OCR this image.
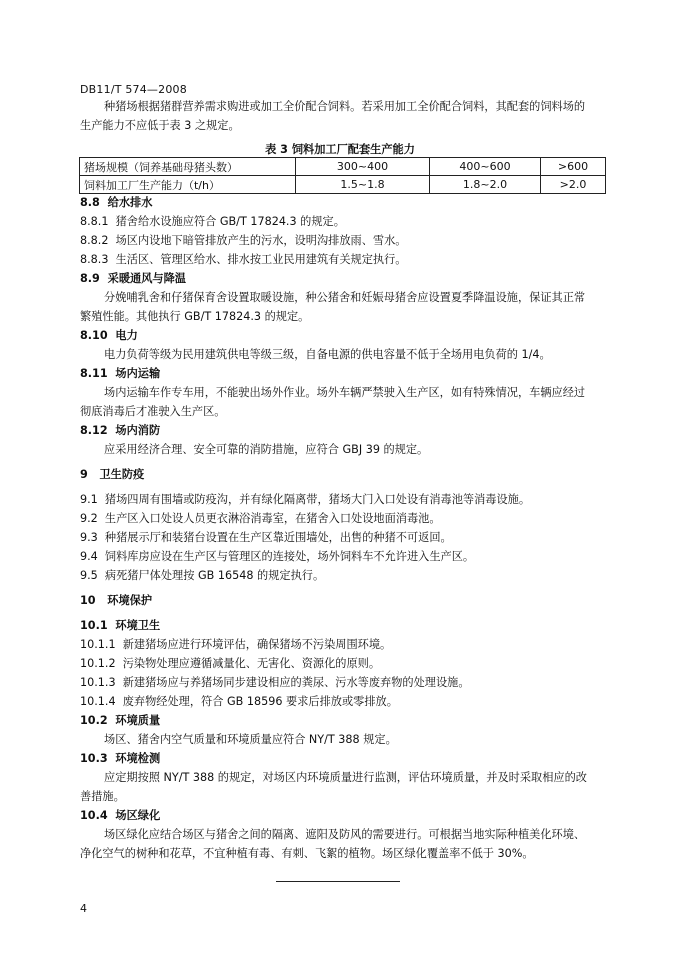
DB11/T 574—2008
种猪场根据猪群营养需求购进或加工全价配合饲料。若采用加工全价配合饲料，其配套的饲料场的
生产能力不应低于表 3 之规定。
表 3 饲料加工厂配套生产能力
猪场规模（饲养基础母猪头数）	300~400	400~600	>600
饲料加工厂生产能力（t/h）	1.5~1.8	1.8~2.0	>2.0
8.8 给水排水
8.8.1 猪舍给水设施应符合 GB/T 17824.3 的规定。
8.8.2 场区内设地下暗管排放产生的污水，设明沟排放雨、雪水。
8.8.3 生活区、管理区给水、排水按工业民用建筑有关规定执行。
8.9 采暖通风与降温
分娩哺乳舍和仔猪保育舍设置取暖设施，种公猪舍和妊娠母猪舍应设置夏季降温设施，保证其正常
繁殖性能。其他执行 GB/T 17824.3 的规定。
8.10 电力
电力负荷等级为民用建筑供电等级三级，自备电源的供电容量不低于全场用电负荷的 1/4。
8.11 场内运输
场内运输车作专车用，不能驶出场外作业。场外车辆严禁驶入生产区，如有特殊情况，车辆应经过
彻底消毒后才准驶入生产区。
8.12 场内消防
应采用经济合理、安全可靠的消防措施，应符合 GBJ 39 的规定。
9 卫生防疫
9.1 猪场四周有围墙或防疫沟，并有绿化隔离带，猪场大门入口处设有消毒池等消毒设施。
9.2 生产区入口处设人员更衣淋浴消毒室，在猪舍入口处设地面消毒池。
9.3 种猪展示厅和装猪台设置在生产区靠近围墙处，出售的种猪不可返回。
9.4 饲料库房应设在生产区与管理区的连接处，场外饲料车不允许进入生产区。
9.5 病死猪尸体处理按 GB 16548 的规定执行。
10 环境保护
10.1 环境卫生
10.1.1 新建猪场应进行环境评估，确保猪场不污染周围环境。
10.1.2 污染物处理应遵循减量化、无害化、资源化的原则。
10.1.3 新建猪场应与养猪场同步建设相应的粪尿、污水等废弃物的处理设施。
10.1.4 废弃物经处理，符合 GB 18596 要求后排放或零排放。
10.2 环境质量
场区、猪舍内空气质量和环境质量应符合 NY/T 388 规定。
10.3 环境检测
应定期按照 NY/T 388 的规定，对场区内环境质量进行监测，评估环境质量，并及时采取相应的改
善措施。
10.4 场区绿化
场区绿化应结合场区与猪舍之间的隔离、遮阳及防风的需要进行。可根据当地实际种植美化环境、
净化空气的树种和花草，不宜种植有毒、有刺、飞絮的植物。场区绿化覆盖率不低于 30%。
4
